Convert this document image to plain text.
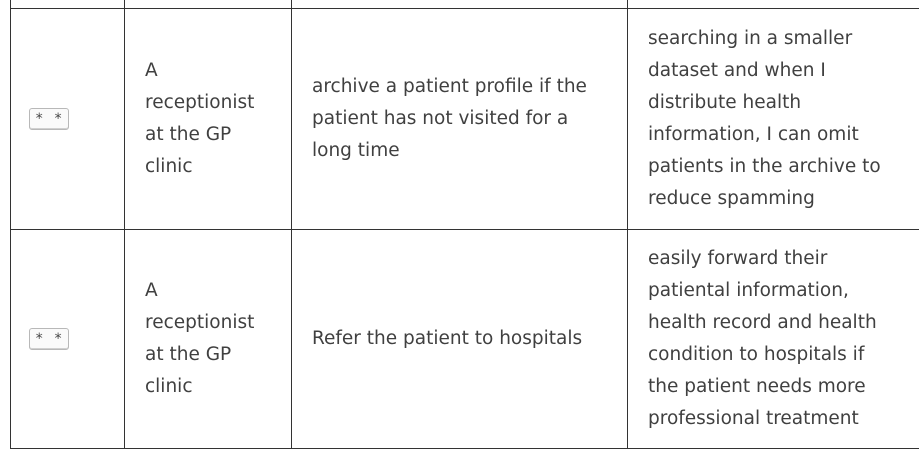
* *	A receptionist at the GP clinic	archive a patient profile if the patient has not visited for a long time	searching in a smaller dataset and when I distribute health information, I can omit patients in the archive to reduce spamming

* *	A receptionist at the GP clinic	Refer the patient to hospitals	easily forward their patiental information, health record and health condition to hospitals if the patient needs more professional treatment
